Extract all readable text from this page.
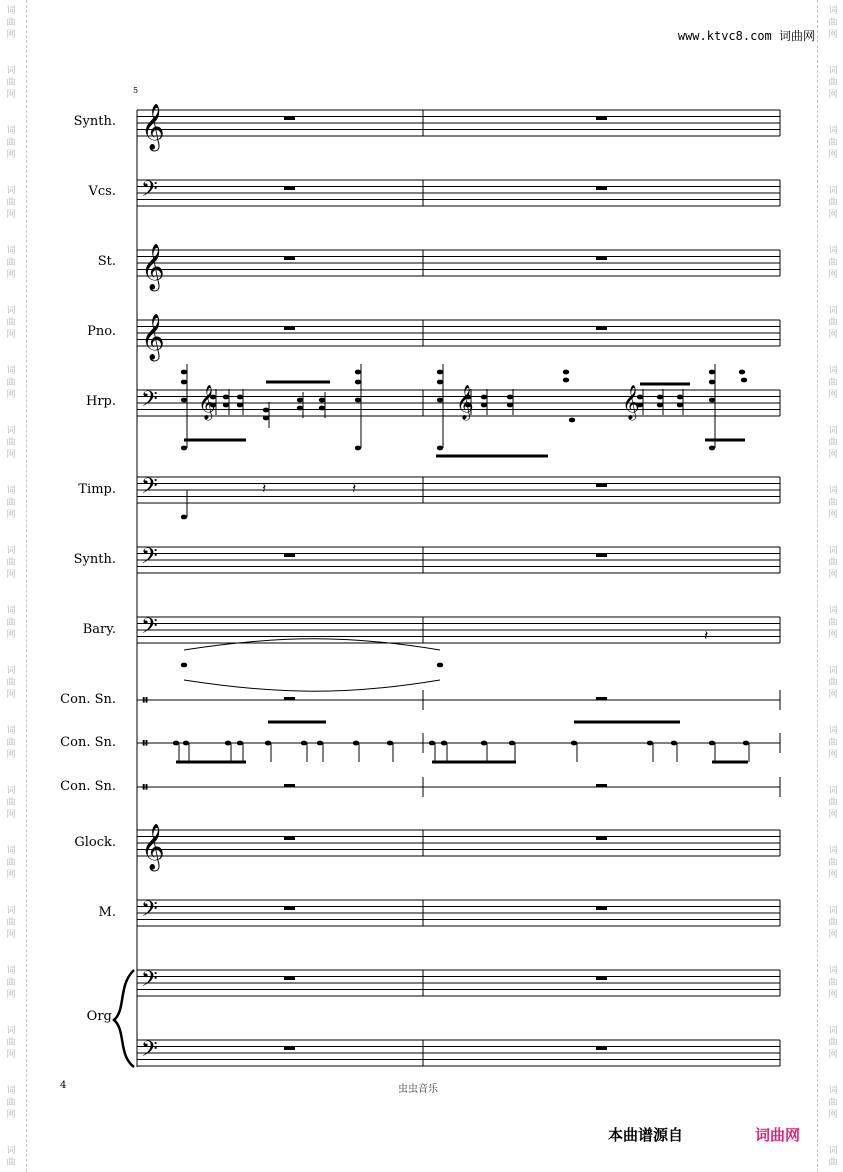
词
曲
网
词
曲
网
词
曲
网
词
曲
网
词
曲
网
词
曲
网
词
曲
网
词
曲
网
词
曲
网
词
曲
网
词
曲
网
词
曲
网
词
曲
网
词
曲
网
词
曲
网
词
曲
网
词
曲
网
词
曲
网
词
曲
网
词
曲
词
曲
网
词
曲
网
词
曲
网
词
曲
网
词
曲
网
词
曲
网
词
曲
网
词
曲
网
词
曲
网
词
曲
网
词
曲
网
词
曲
网
词
曲
网
词
曲
网
词
曲
网
词
曲
网
词
曲
网
词
曲
网
词
曲
网
词
曲
www.ktvc8.com 词曲网
5
𝄞
𝄢
𝄞
𝄞
𝄢
𝄢
𝄢
𝄢
𝄞
𝄢
𝄢
𝄢
𝄥
𝄥
𝄥
𝄞	𝄞	𝄞
𝄽	𝄽
𝄽
Synth.
Vcs.
St.
Pno.
Hrp.
Timp.
Synth.
Bary.
Con. Sn.
Con. Sn.
Con. Sn.
Glock.
M.
Org.
4	虫虫音乐
本曲谱源自	词曲网
